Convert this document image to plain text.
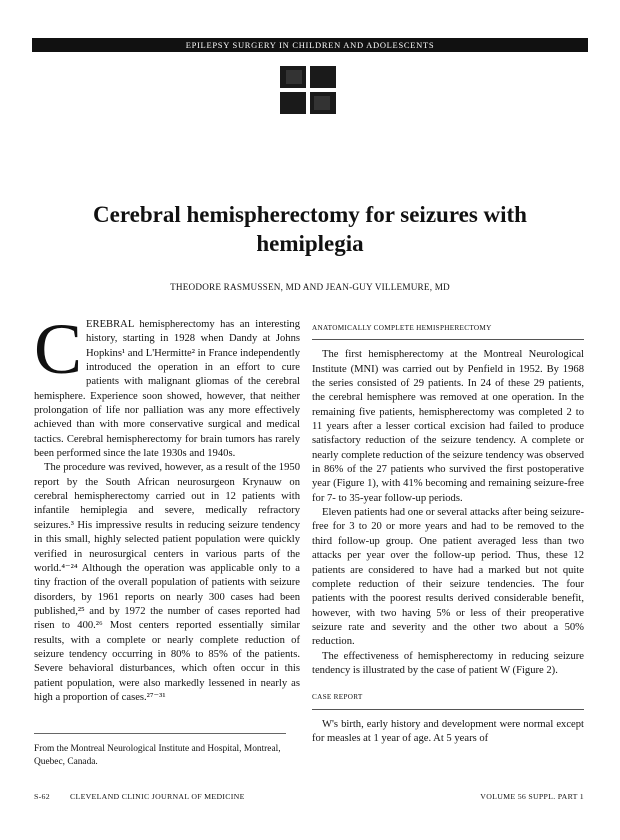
EPILEPSY SURGERY IN CHILDREN AND ADOLESCENTS
Cerebral hemispherectomy for seizures with hemiplegia
THEODORE RASMUSSEN, MD AND JEAN-GUY VILLEMURE, MD
C EREBRAL hemispherectomy has an interesting history, starting in 1928 when Dandy at Johns Hopkins¹ and L'Hermitte² in France independently introduced the operation in an effort to cure patients with malignant gliomas of the cerebral hemisphere. Experience soon showed, however, that neither prolongation of life nor palliation was any more effectively achieved than with more conservative surgical and medical tactics. Cerebral hemispherectomy for brain tumors has rarely been performed since the late 1930s and 1940s.

The procedure was revived, however, as a result of the 1950 report by the South African neurosurgeon Krynauw on cerebral hemispherectomy carried out in 12 patients with infantile hemiplegia and severe, medically refractory seizures.³ His impressive results in reducing seizure tendency in this small, highly selected patient population were quickly verified in neurosurgical centers in various parts of the world.⁴⁻²⁴ Although the operation was applicable only to a tiny fraction of the overall population of patients with seizure disorders, by 1961 reports on nearly 300 cases had been published,²⁵ and by 1972 the number of cases reported had risen to 400.²⁶ Most centers reported essentially similar results, with a complete or nearly complete reduction of seizure tendency occurring in 80% to 85% of the patients. Severe behavioral disturbances, which often occur in this patient population, were also markedly lessened in nearly as high a proportion of cases.²⁷⁻³¹

From the Montreal Neurological Institute and Hospital, Montreal, Quebec, Canada.
ANATOMICALLY COMPLETE HEMISPHERECTOMY

The first hemispherectomy at the Montreal Neurological Institute (MNI) was carried out by Penfield in 1952. By 1968 the series consisted of 29 patients. In 24 of these 29 patients, the cerebral hemisphere was removed at one operation. In the remaining five patients, hemispherectomy was completed 2 to 11 years after a lesser cortical excision had failed to produce satisfactory reduction of the seizure tendency. A complete or nearly complete reduction of the seizure tendency was observed in 86% of the 27 patients who survived the first postoperative year (Figure 1), with 41% becoming and remaining seizure-free for 7- to 35-year follow-up periods.

Eleven patients had one or several attacks after being seizure-free for 3 to 20 or more years and had to be removed to the third follow-up group. One patient averaged less than two attacks per year over the follow-up period. Thus, these 12 patients are considered to have had a marked but not quite complete reduction of their seizure tendencies. The four patients with the poorest results derived considerable benefit, however, with two having 5% or less of their preoperative seizure rate and severity and the other two about a 50% reduction.

The effectiveness of hemispherectomy in reducing seizure tendency is illustrated by the case of patient W (Figure 2).

CASE REPORT

W's birth, early history and development were normal except for measles at 1 year of age. At 5 years of

S-62	CLEVELAND CLINIC JOURNAL OF MEDICINE	VOLUME 56 SUPPL. PART 1
